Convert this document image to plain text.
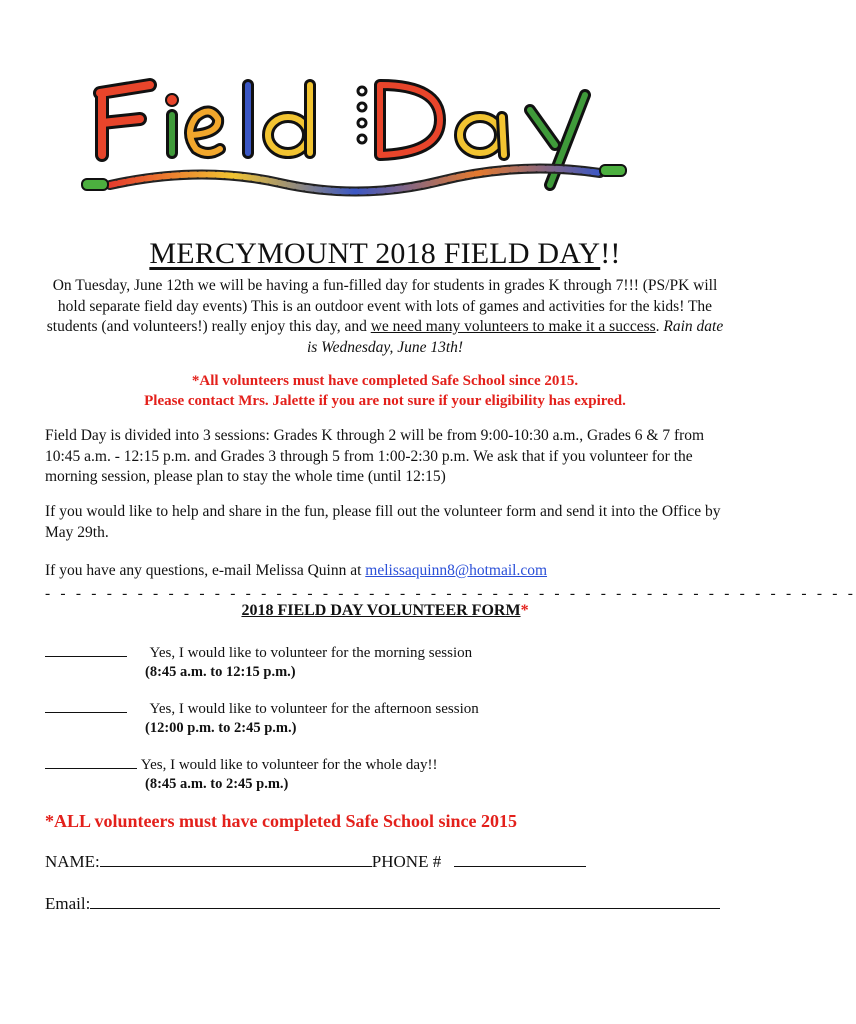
MERCYMOUNT 2018 FIELD DAY!!
On Tuesday, June 12th we will be having a fun-filled day for students in grades K through 7!!! (PS/PK will hold separate field day events) This is an outdoor event with lots of games and activities for the kids! The students (and volunteers!) really enjoy this day, and we need many volunteers to make it a success. Rain date is Wednesday, June 13th!
*All volunteers must have completed Safe School since 2015.
Please contact Mrs. Jalette if you are not sure if your eligibility has expired.
Field Day is divided into 3 sessions: Grades K through 2 will be from 9:00-10:30 a.m., Grades 6 & 7 from 10:45 a.m. - 12:15 p.m. and Grades 3 through 5 from 1:00-2:30 p.m. We ask that if you volunteer for the morning session, please plan to stay the whole time (until 12:15)
If you would like to help and share in the fun, please fill out the volunteer form and send it into the Office by May 29th.
If you have any questions, e-mail Melissa Quinn at melissaquinn8@hotmail.com
- - - - - - - - - - - - - - - - - - - - - - - - - - - - - - - - - - - - - - - - - - - - - - - - - - - - -
2018 FIELD DAY VOLUNTEER FORM*
Yes, I would like to volunteer for the morning session
(8:45 a.m. to 12:15 p.m.)
Yes, I would like to volunteer for the afternoon session
(12:00 p.m. to 2:45 p.m.)
Yes, I would like to volunteer for the whole day!!
(8:45 a.m. to 2:45 p.m.)
*ALL volunteers must have completed Safe School since 2015
NAME:	PHONE #
Email:
